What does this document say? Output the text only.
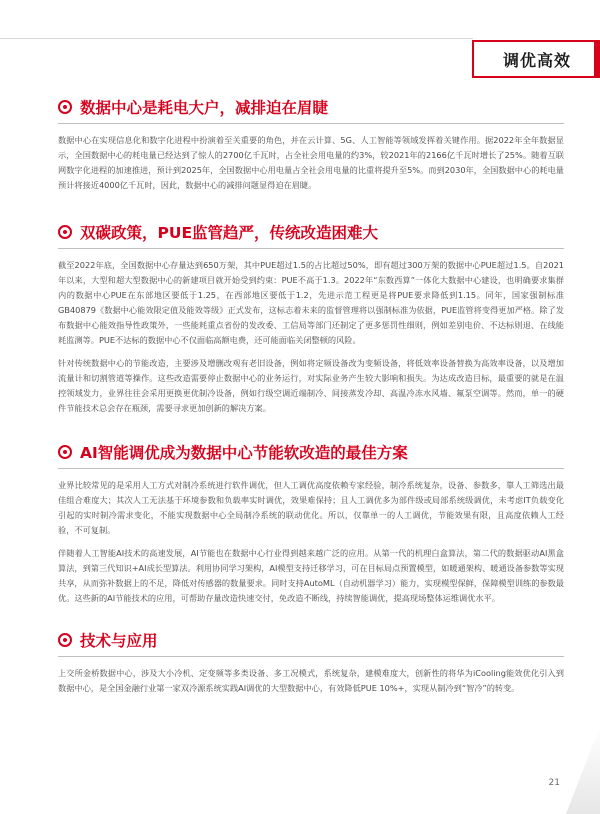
调优高效
数据中心是耗电大户，减排迫在眉睫

数据中心在实现信息化和数字化进程中扮演着至关重要的角色，并在云计算、5G、人工智能等领域发挥着关键作用。据2022年全年数据显示，全国数据中心的耗电量已经达到了惊人的2700亿千瓦时，占全社会用电量的约3%，较2021年的2166亿千瓦时增长了25%。随着互联网数字化进程的加速推进，预计到2025年，全国数据中心用电量占全社会用电量的比重将提升至5%。而到2030年，全国数据中心的耗电量预计将接近4000亿千瓦时，因此，数据中心的减排问题显得迫在眉睫。

双碳政策，PUE监管趋严，传统改造困难大

截至2022年底，全国数据中心存量达到650万架，其中PUE超过1.5的占比超过50%，即有超过300万架的数据中心PUE超过1.5。自2021年以来，大型和超大型数据中心的新建项目就开始受到约束：PUE不高于1.3。2022年“东数西算”一体化大数据中心建设，也明确要求集群内的数据中心PUE在东部地区要低于1.25，在西部地区要低于1.2，先进示范工程更是将PUE要求降低到1.15。同年，国家强制标准GB40879《数据中心能效限定值及能效等级》正式发布，这标志着未来的监督管理将以强制标准为依据，PUE监管将变得更加严格。除了发布数据中心能效指导性政策外，一些能耗重点省份的发改委、工信局等部门还制定了更多惩罚性细则，例如差别电价、不达标则退、在线能耗监测等。PUE不达标的数据中心不仅面临高额电费，还可能面临关闭整顿的风险。

针对传统数据中心的节能改造，主要涉及增删改观有老旧设备，例如将定频设备改为变频设备，将低效率设备替换为高效率设备，以及增加流量计和切割管道等操作。这些改造需要停止数据中心的业务运行，对实际业务产生较大影响和损失。为达成改造目标，最重要的就是在温控领域发力，业界往往会采用更换更优制冷设备，例如行级空调近端制冷、间接蒸发冷却、高温冷冻水风墙、氟泵空调等。然而，单一的硬件节能技术总会存在瓶颈，需要寻求更加创新的解决方案。

AI智能调优成为数据中心节能软改造的最佳方案

业界比较常见的是采用人工方式对制冷系统进行软件调优，但人工调优高度依赖专家经验，制冷系统复杂，设备、参数多，靠人工筛选出最佳组合难度大；其次人工无法基于环境参数和负载率实时调优，效果难保持；且人工调优多为部件级或局部系统级调优，未考虑IT负载变化引起的实时制冷需求变化，不能实现数据中心全局制冷系统的联动优化。所以，仅靠单一的人工调优，节能效果有限，且高度依赖人工经验，不可复制。

伴随着人工智能AI技术的高速发展，AI节能也在数据中心行业得到越来越广泛的应用。从第一代的机理白盒算法，第二代的数据驱动AI黑盒算法，到第三代知识+AI成长型算法。利用协同学习架构，AI模型支持迁移学习，可在目标局点预置模型，如暖通架构、暖通设备参数等实现共享，从而弥补数据上的不足，降低对传感器的数量要求。同时支持AutoML（自动机器学习）能力，实现模型保鲜，保障模型训练的参数最优。这些新的AI节能技术的应用，可帮助存量改造快速交付，免改造不断线，持续智能调优，提高现场整体运维调优水平。

技术与应用

上交所金桥数据中心，涉及大小冷机、定变频等多类设备、多工况模式，系统复杂，建模难度大，创新性的将华为iCooling能效优化引入到数据中心，是全国金融行业第一家双冷源系统实践AI调优的大型数据中心，有效降低PUE 10%+，实现从制冷到“智冷”的转变。

21
